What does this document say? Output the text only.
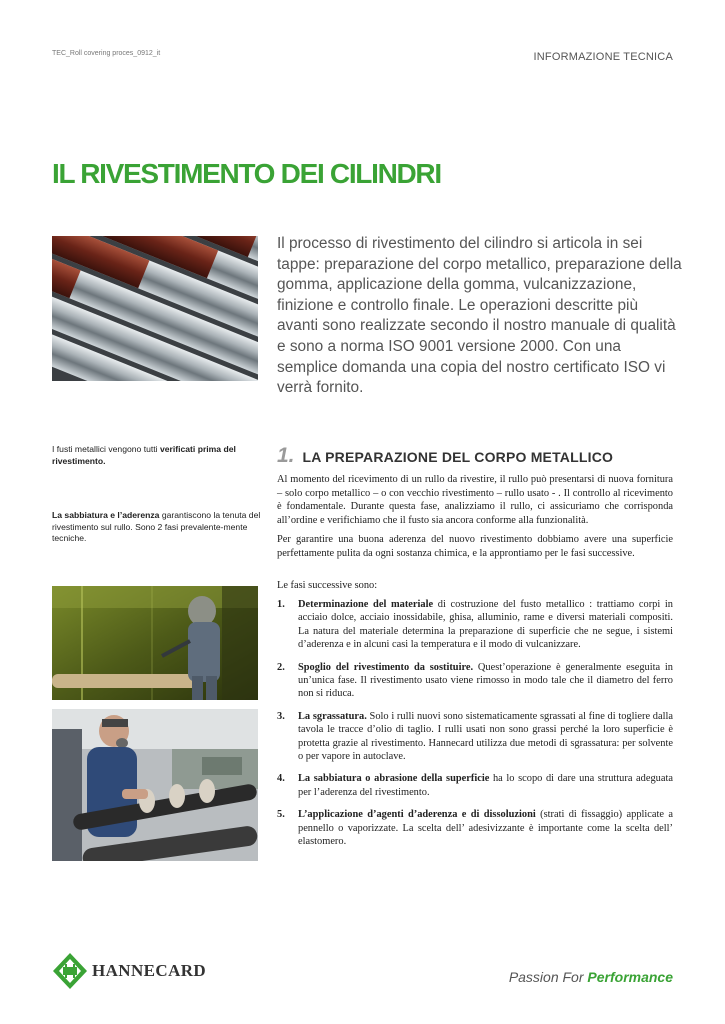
TEC_Roll covering proces_0912_it	INFORMAZIONE TECNICA
IL RIVESTIMENTO DEI CILINDRI

Il processo di rivestimento del cilindro si articola in sei tappe: preparazione del corpo metallico, preparazione della gomma, applicazione della gomma, vulcanizzazione, finizione e controllo finale. Le operazioni descritte più avanti sono realizzate secondo il nostro manuale di qualità e sono a norma ISO 9001 versione 2000. Con una semplice domanda una copia del nostro certificato ISO vi verrà fornito.

I fusti metallici vengono tutti verificati prima del rivestimento.

La sabbiatura e l’aderenza garantiscono la tenuta del rivestimento sul rullo. Sono 2 fasi prevalente-mente tecniche.

1. LA PREPARAZIONE DEL CORPO METALLICO

Al momento del ricevimento di un rullo da rivestire, il rullo può presentarsi di nuova fornitura – solo corpo metallico – o con vecchio rivestimento – rullo usato - . Il controllo al ricevimento è fondamentale. Durante questa fase, analizziamo il rullo, ci assicuriamo che corrisponda all’ordine e verifichiamo che il fusto sia ancora conforme alla funzionalità.

Per garantire una buona aderenza del nuovo rivestimento dobbiamo avere una superficie perfettamente pulita da ogni sostanza chimica, e la approntiamo per le fasi successive.

Le fasi successive sono:

1.	Determinazione del materiale di costruzione del fusto metallico : trattiamo corpi in acciaio dolce, acciaio inossidabile, ghisa, alluminio, rame e diversi materiali compositi. La natura del materiale determina la preparazione di superficie che ne segue, i sistemi d’aderenza e in alcuni casi la temperatura e il modo di vulcanizzare.
2.	Spoglio del rivestimento da sostituire. Quest’operazione è generalmente eseguita in un’unica fase. Il rivestimento usato viene rimosso in modo tale che il diametro del ferro non si riduca.
3.	La sgrassatura. Solo i rulli nuovi sono sistematicamente sgrassati al fine di togliere dalla tavola le tracce d’olio di taglio. I rulli usati non sono grassi perché la loro superficie è protetta grazie al rivestimento. Hannecard utilizza due metodi di sgrassatura: per solvente o per vapore in autoclave.
4.	La sabbiatura o abrasione della superficie ha lo scopo di dare una struttura adeguata per l’aderenza del rivestimento.
5.	L’applicazione d’agenti d’aderenza e di dissoluzioni (strati di fissaggio) applicate a pennello o vaporizzate. La scelta dell’ adesivizzante è importante come la scelta dell’ elastomero.
HANNECARD	Passion For Performance
